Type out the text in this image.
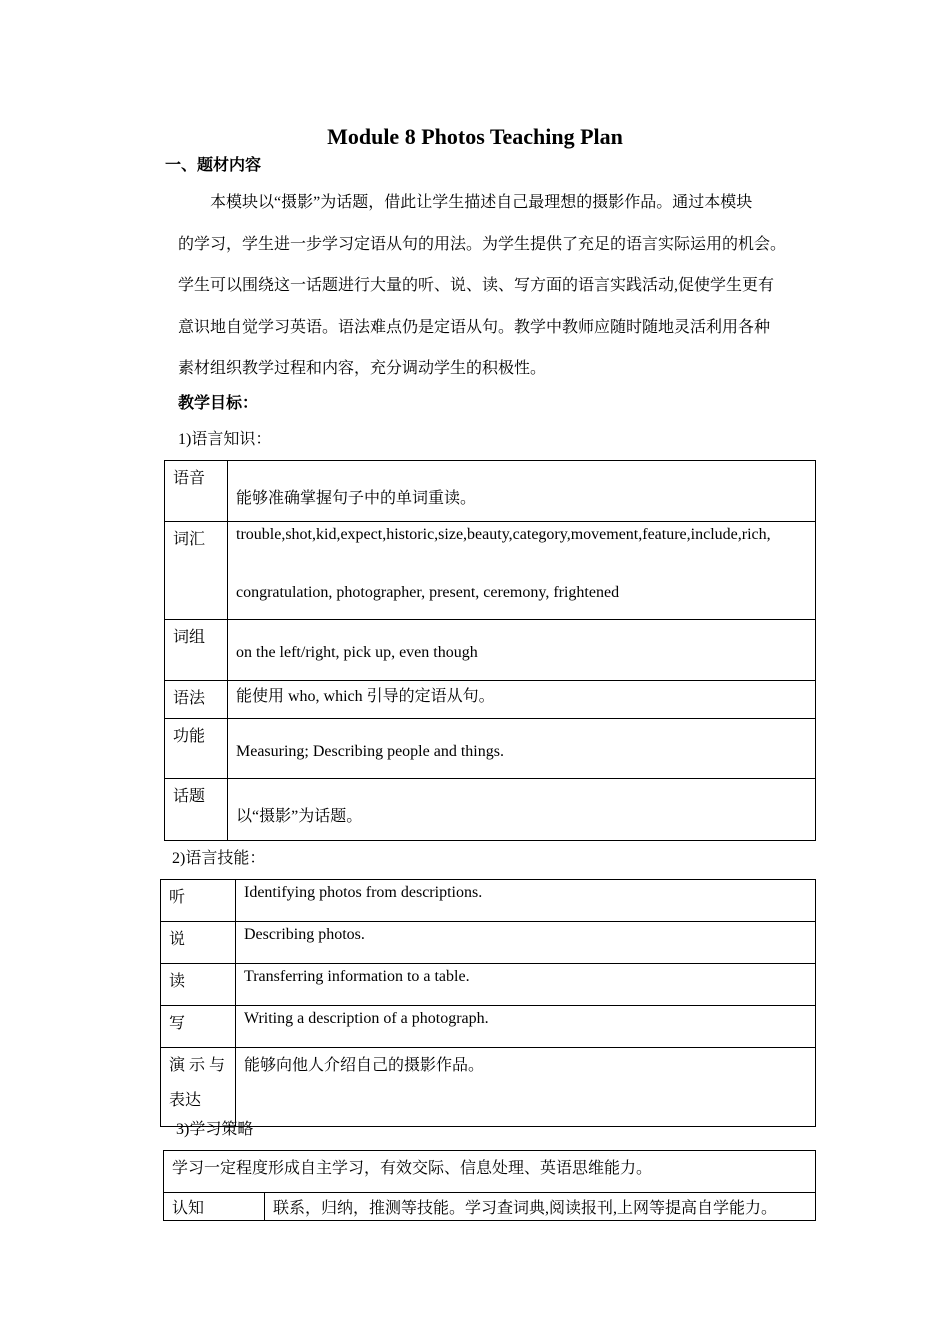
Module 8 Photos Teaching Plan
一、题材内容

本模块以“摄影”为话题，借此让学生描述自己最理想的摄影作品。通过本模块

的学习，学生进一步学习定语从句的用法。为学生提供了充足的语言实际运用的机会。

学生可以围绕这一话题进行大量的听、说、读、写方面的语言实践活动,促使学生更有

意识地自觉学习英语。语法难点仍是定语从句。教学中教师应随时随地灵活利用各种

素材组织教学过程和内容，充分调动学生的积极性。

教学目标：
1)语言知识：
语音	能够准确掌握句子中的单词重读。

词汇	trouble,shot,kid,expect,historic,size,beauty,category,movement,feature,include,rich,
congratulation, photographer, present, ceremony, frightened

词组	on the left/right, pick up, even though

语法	能使用 who, which 引导的定语从句。

功能	Measuring; Describing people and things.

话题	以“摄影”为话题。
2)语言技能：
听	Identifying photos from descriptions.
说	Describing photos.
读	Transferring information to a table.
写	Writing a description of a photograph.

演 示 与
表达	能够向他人介绍自己的摄影作品。
3)学习策略
学习一定程度形成自主学习，有效交际、信息处理、英语思维能力。
认知	联系，归纳，推测等技能。学习查词典,阅读报刊,上网等提高自学能力。
